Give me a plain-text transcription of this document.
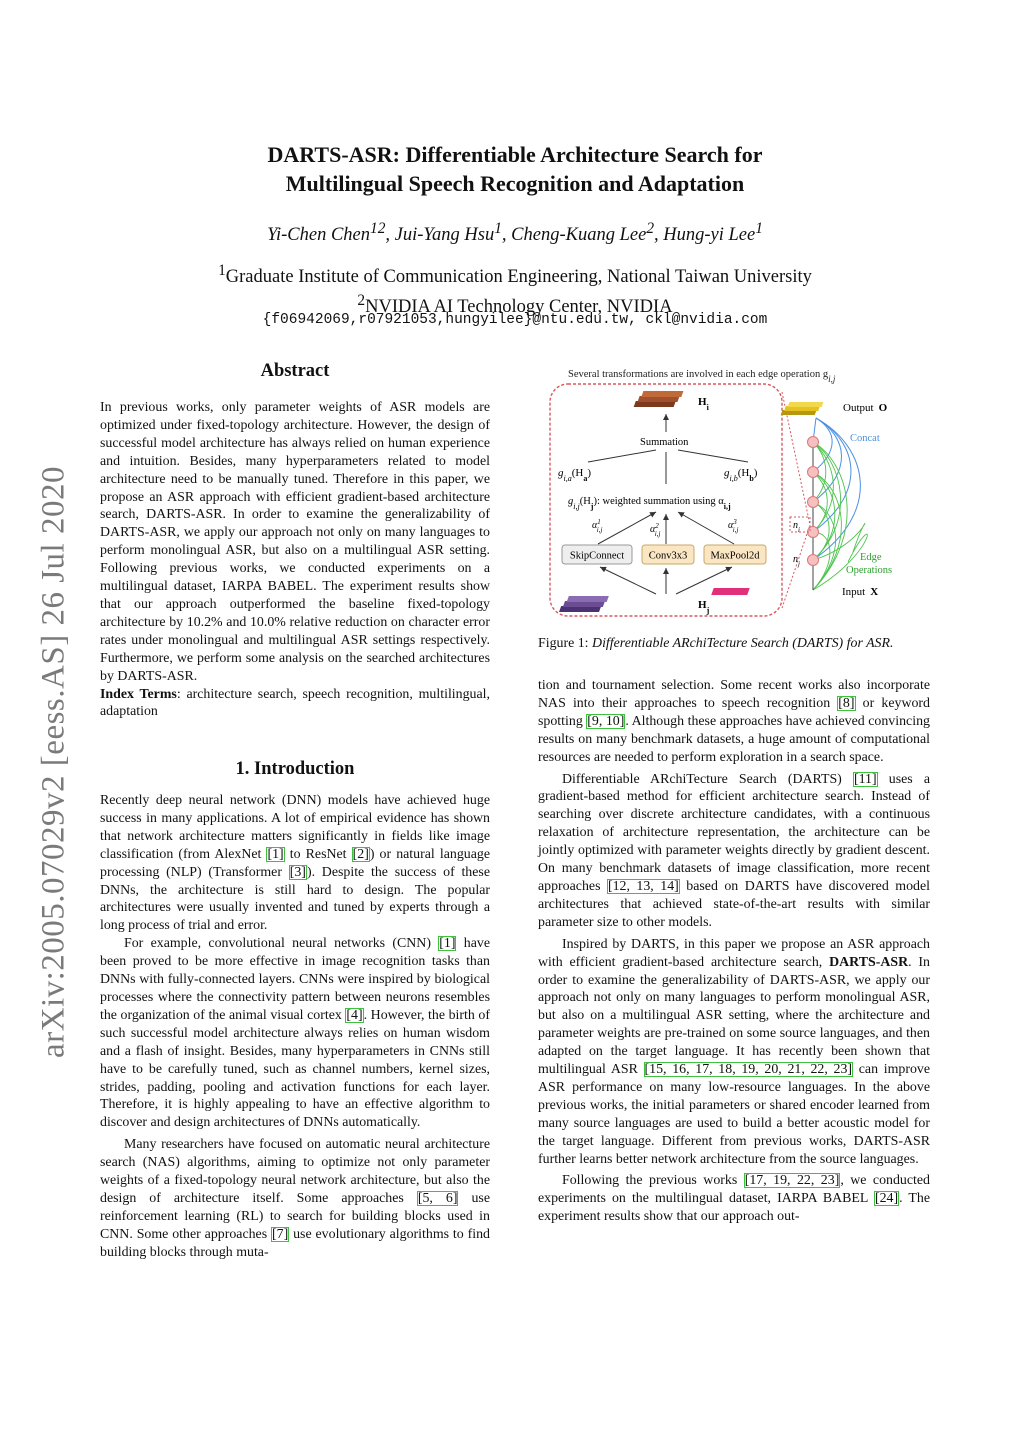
arXiv:2005.07029v2 [eess.AS] 26 Jul 2020
DARTS-ASR: Differentiable Architecture Search for
Multilingual Speech Recognition and Adaptation
Yi-Chen Chen$^{12}$, Jui-Yang Hsu$^1$, Cheng-Kuang Lee$^2$, Hung-yi Lee$^1$
$^1$Graduate Institute of Communication Engineering, National Taiwan University
$^2$NVIDIA AI Technology Center, NVIDIA
{f06942069,r07921053,hungyilee}@ntu.edu.tw, ckl@nvidia.com
Abstract

In previous works, only parameter weights of ASR models are optimized under fixed-topology architecture. However, the design of successful model architecture has always relied on human experience and intuition. Besides, many hyperparameters related to model architecture need to be manually tuned. Therefore in this paper, we propose an ASR approach with efficient gradient-based architecture search, DARTS-ASR. In order to examine the generalizability of DARTS-ASR, we apply our approach not only on many languages to perform monolingual ASR, but also on a multilingual ASR setting. Following previous works, we conducted experiments on a multilingual dataset, IARPA BABEL. The experiment results show that our approach outperformed the baseline fixed-topology architecture by 10.2% and 10.0% relative reduction on character error rates under monolingual and multilingual ASR settings respectively. Furthermore, we perform some analysis on the searched architectures by DARTS-ASR.

Index Terms: architecture search, speech recognition, multilingual, adaptation

1. Introduction

Recently deep neural network (DNN) models have achieved huge success in many applications. A lot of empirical evidence has shown that network architecture matters significantly in fields like image classification (from AlexNet [1] to ResNet [2]) or natural language processing (NLP) (Transformer [3]). Despite the success of these DNNs, the architecture is still hard to design. The popular architectures were usually invented and tuned by experts through a long process of trial and error.

For example, convolutional neural networks (CNN) [1] have been proved to be more effective in image recognition tasks than DNNs with fully-connected layers. CNNs were inspired by biological processes where the connectivity pattern between neurons resembles the organization of the animal visual cortex [4]. However, the birth of such successful model architecture always relies on human wisdom and a flash of insight. Besides, many hyperparameters in CNNs still have to be carefully tuned, such as channel numbers, kernel sizes, strides, padding, pooling and activation functions for each layer. Therefore, it is highly appealing to have an effective algorithm to discover and design architectures of DNNs automatically.

Many researchers have focused on automatic neural architecture search (NAS) algorithms, aiming to optimize not only parameter weights of a fixed-topology neural network architecture, but also the design of architecture itself. Some approaches [5, 6] use reinforcement learning (RL) to search for building blocks used in CNN. Some other approaches [7] use evolutionary algorithms to find building blocks through muta-

Several transformations are involved in each edge operation $g_{i,j}$
$H_i$
Summation
$g_{i,a}(H_a)$	$g_{i,b}(H_b)$
$g_{i,j}(H_j)$: weighted summation using $\alpha_{i,j}$
$\alpha^1$ $_{i,j}$	$\alpha^2$ $_{i,j}$
$\alpha^3$ $_{i,j}$
SkipConnect Conv3x3 MaxPool2d
$H_j$
Output O
Concat
$n_i$
$n_j$
Edge
Operations
Input X
Figure 1: Differentiable ARchiTecture Search (DARTS) for ASR.

tion and tournament selection. Some recent works also incorporate NAS into their approaches to speech recognition [8] or keyword spotting [9, 10]. Although these approaches have achieved convincing results on many benchmark datasets, a huge amount of computational resources are needed to perform exploration in a search space.

Differentiable ARchiTecture Search (DARTS) [11] uses a gradient-based method for efficient architecture search. Instead of searching over discrete architecture candidates, with a continuous relaxation of architecture representation, the architecture can be jointly optimized with parameter weights directly by gradient descent. On many benchmark datasets of image classification, more recent approaches [12, 13, 14] based on DARTS have discovered model architectures that achieved state-of-the-art results with similar parameter size to other models.

Inspired by DARTS, in this paper we propose an ASR approach with efficient gradient-based architecture search, DARTS-ASR. In order to examine the generalizability of DARTS-ASR, we apply our approach not only on many languages to perform monolingual ASR, but also on a multilingual ASR setting, where the architecture and parameter weights are pre-trained on some source languages, and then adapted on the target language. It has recently been shown that multilingual ASR [15, 16, 17, 18, 19, 20, 21, 22, 23] can improve ASR performance on many low-resource languages. In the above previous works, the initial parameters or shared encoder learned from many source languages are used to build a better acoustic model for the target language. Different from previous works, DARTS-ASR further learns better network architecture from the source languages.

Following the previous works [17, 19, 22, 23], we conducted experiments on the multilingual dataset, IARPA BABEL [24]. The experiment results show that our approach out-
